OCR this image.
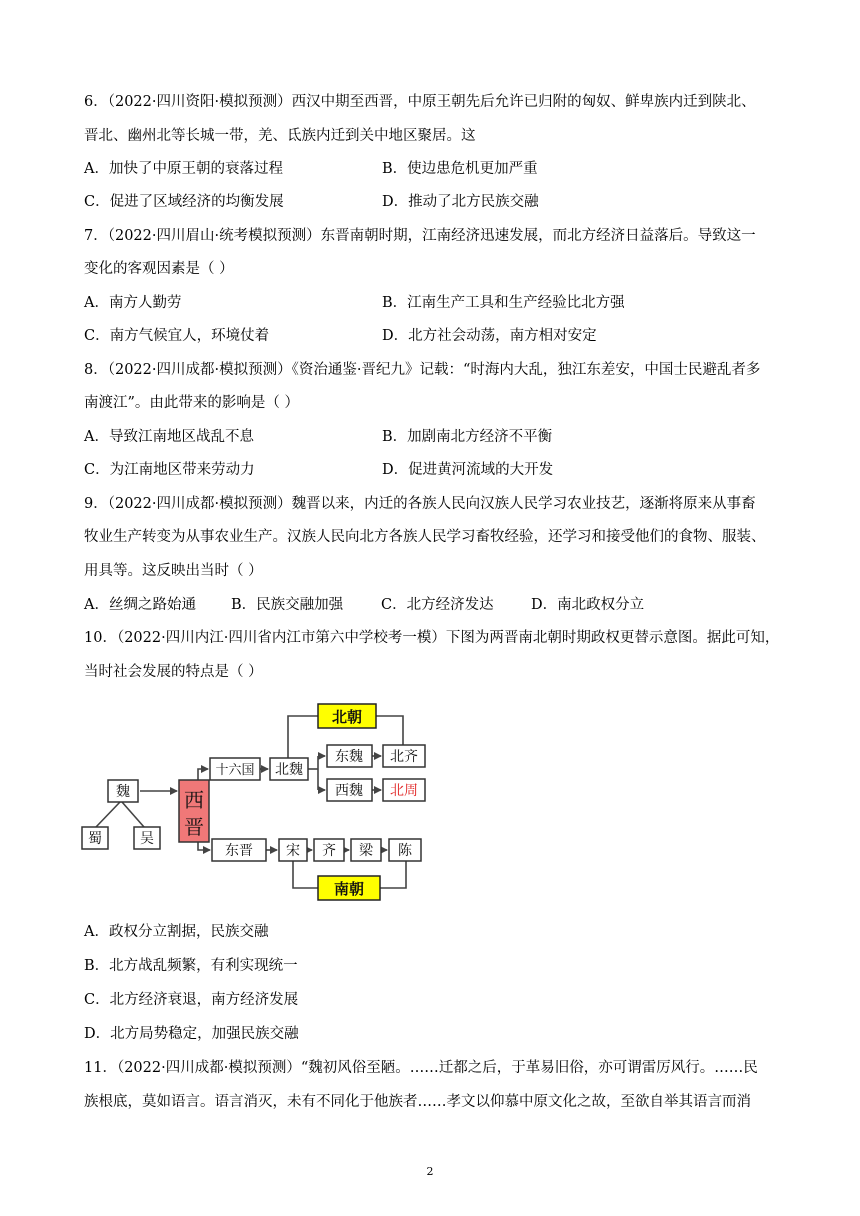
6．（2022·四川资阳·模拟预测）西汉中期至西晋，中原王朝先后允许已归附的匈奴、鲜卑族内迁到陕北、
晋北、幽州北等长城一带，羌、氐族内迁到关中地区聚居。这
A．加快了中原王朝的衰落过程	B．使边患危机更加严重
C．促进了区域经济的均衡发展	D．推动了北方民族交融
7．（2022·四川眉山·统考模拟预测）东晋南朝时期，江南经济迅速发展，而北方经济日益落后。导致这一
变化的客观因素是（ ）
A．南方人勤劳	B．江南生产工具和生产经验比北方强
C．南方气候宜人，环境仗着	D．北方社会动荡，南方相对安定
8．（2022·四川成都·模拟预测）《资治通鉴·晋纪九》记载：“时海内大乱，独江东差安，中国士民避乱者多
南渡江”。由此带来的影响是（ ）
A．导致江南地区战乱不息	B．加剧南北方经济不平衡
C．为江南地区带来劳动力	D．促进黄河流域的大开发
9．（2022·四川成都·模拟预测）魏晋以来，内迁的各族人民向汉族人民学习农业技艺，逐渐将原来从事畜
牧业生产转变为从事农业生产。汉族人民向北方各族人民学习畜牧经验，还学习和接受他们的食物、服装、
用具等。这反映出当时（ ）
A．丝绸之路始通 B．民族交融加强	C．北方经济发达	D．南北政权分立
10．（2022·四川内江·四川省内江市第六中学校考一模）下图为两晋南北朝时期政权更替示意图。据此可知，
当时社会发展的特点是（ ）
魏
蜀	吴
西
晋
十六国 北魏
东魏 北齐
西魏 北周
北朝
东晋 宋 齐 梁 陈
南朝
A．政权分立割据，民族交融
B．北方战乱频繁，有利实现统一
C．北方经济衰退，南方经济发展
D．北方局势稳定，加强民族交融
11．（2022·四川成都·模拟预测）“魏初风俗至陋。……迁都之后，于革易旧俗，亦可谓雷厉风行。……民
族根底，莫如语言。语言消灭，未有不同化于他族者……孝文以仰慕中原文化之故，至欲自举其语言而消
2
